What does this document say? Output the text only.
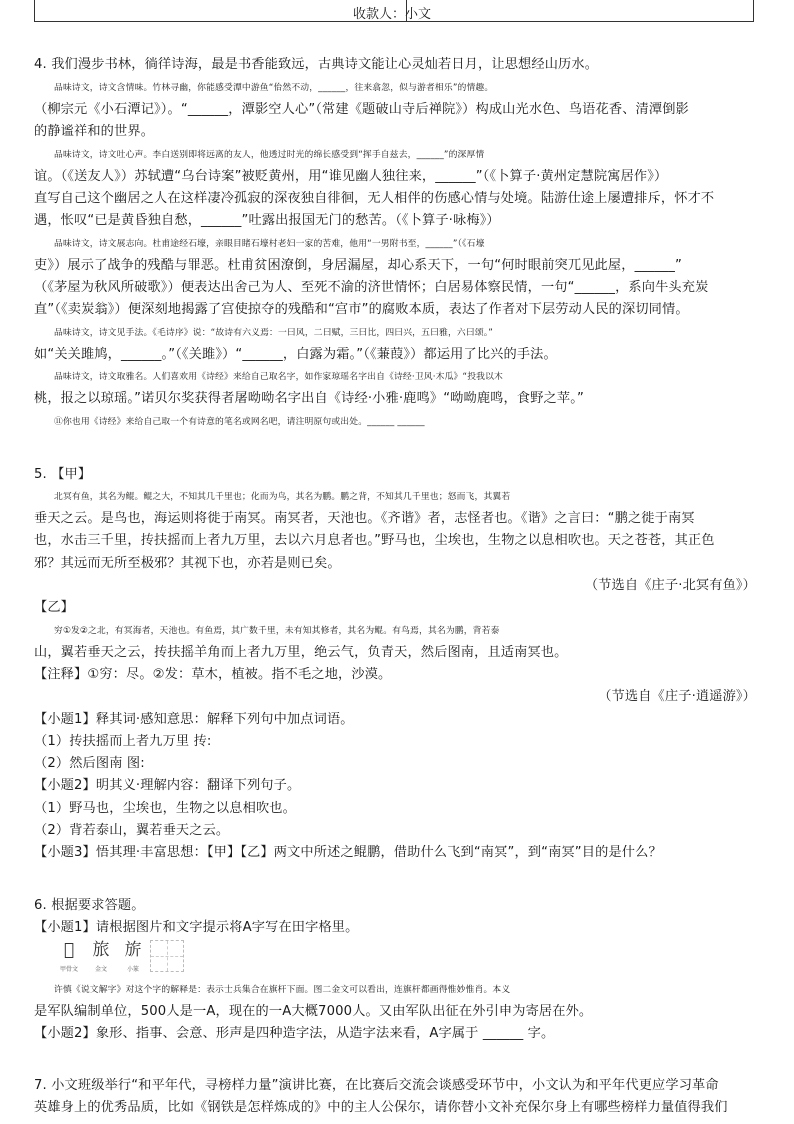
收款人：小文
4. 我们漫步书林，徜徉诗海，最是书香能致远，古典诗文能让心灵灿若日月，让思想经山历水。
品味诗文，诗文含情味。竹林寻幽，你能感受潭中游鱼“佁然不动，______，往来翕忽，似与游者相乐”的情趣。
（柳宗元《小石潭记》）。“______，潭影空人心”（常建《题破山寺后禅院》）构成山光水色、鸟语花香、清潭倒影
的静谧祥和的世界。
品味诗文，诗文吐心声。李白送别即将远离的友人，他透过时光的绵长感受到“挥手自兹去，______”的深厚情
谊。（《送友人》）苏轼遭“乌台诗案”被贬黄州，用“谁见幽人独往来，______”（《卜算子·黄州定慧院寓居作》）
直写自己这个幽居之人在这样凄冷孤寂的深夜独自徘徊，无人相伴的伤感心情与处境。陆游仕途上屡遭排斥，怀才不
遇，怅叹“已是黄昏独自愁，______”吐露出报国无门的愁苦。（《卜算子·咏梅》）
品味诗文，诗文展志向。杜甫途经石壕，亲眼目睹石壕村老妇一家的苦难，他用“一男附书至，______”（《石壕
吏》）展示了战争的残酷与罪恶。杜甫贫困潦倒，身居漏屋，却心系天下，一句“何时眼前突兀见此屋，______”
（《茅屋为秋风所破歌》）便表达出舍己为人、至死不渝的济世情怀；白居易体察民情，一句“______，系向牛头充炭
直”（《卖炭翁》）便深刻地揭露了宫使掠夺的残酷和“宫市”的腐败本质，表达了作者对下层劳动人民的深切同情。
品味诗文，诗文见手法。《毛诗序》说：“故诗有六义焉：一曰风，二曰赋，三曰比，四曰兴，五曰雅，六曰颂。”
如“关关雎鸠，______。”（《关雎》）“______，白露为霜。”（《蒹葭》）都运用了比兴的手法。
品味诗文，诗文取雅名。人们喜欢用《诗经》来给自己取名字，如作家琼瑶名字出自《诗经·卫风·木瓜》“投我以木
桃，报之以琼瑶。”诺贝尔奖获得者屠呦呦名字出自《诗经·小雅·鹿鸣》“呦呦鹿鸣，食野之苹。”
⑪你也用《诗经》来给自己取一个有诗意的笔名或网名吧，请注明原句或出处。______ ______
5. 【甲】
北冥有鱼，其名为鲲。鲲之大，不知其几千里也；化而为鸟，其名为鹏。鹏之背，不知其几千里也；怒而飞，其翼若
垂天之云。是鸟也，海运则将徙于南冥。南冥者，天池也。《齐谐》者，志怪者也。《谐》之言曰：“鹏之徙于南冥
也，水击三千里，抟扶摇而上者九万里，去以六月息者也。”野马也，尘埃也，生物之以息相吹也。天之苍苍，其正色
邪？其远而无所至极邪？其视下也，亦若是则已矣。
（节选自《庄子·北冥有鱼》）
【乙】
穷①发②之北，有冥海者，天池也。有鱼焉，其广数千里，未有知其修者，其名为鲲。有鸟焉，其名为鹏，背若泰
山，翼若垂天之云，抟扶摇羊角而上者九万里，绝云气，负青天，然后图南，且适南冥也。
【注释】①穷：尽。②发：草木，植被。指不毛之地，沙漠。
（节选自《庄子·逍遥游》）
【小题1】释其词·感知意思：解释下列句中加点词语。
（1）抟扶摇而上者九万里 抟:
（2）然后图南 图:
【小题2】明其义·理解内容：翻译下列句子。
（1）野马也，尘埃也，生物之以息相吹也。
（2）背若泰山，翼若垂天之云。
【小题3】悟其理·丰富思想：【甲】【乙】两文中所述之鲲鹏，借助什么飞到“南冥”，到“南冥”目的是什么？
6. 根据要求答题。
【小题1】请根据图片和文字提示将A字写在田字格里。
𠂦
甲骨文
旅
金文
旂
小篆
许慎《说文解字》对这个字的解释是：表示士兵集合在旗杆下面。图二金文可以看出，连旗杆都画得惟妙惟肖。本义
是军队编制单位，500人是一A，现在的一A大概7000人。又由军队出征在外引申为寄居在外。
【小题2】象形、指事、会意、形声是四种造字法，从造字法来看，A字属于 ______ 字。
7. 小文班级举行“和平年代，寻榜样力量”演讲比赛，在比赛后交流会谈感受环节中，小文认为和平年代更应学习革命
英雄身上的优秀品质，比如《钢铁是怎样炼成的》中的主人公保尔，请你替小文补充保尔身上有哪些榜样力量值得我们
